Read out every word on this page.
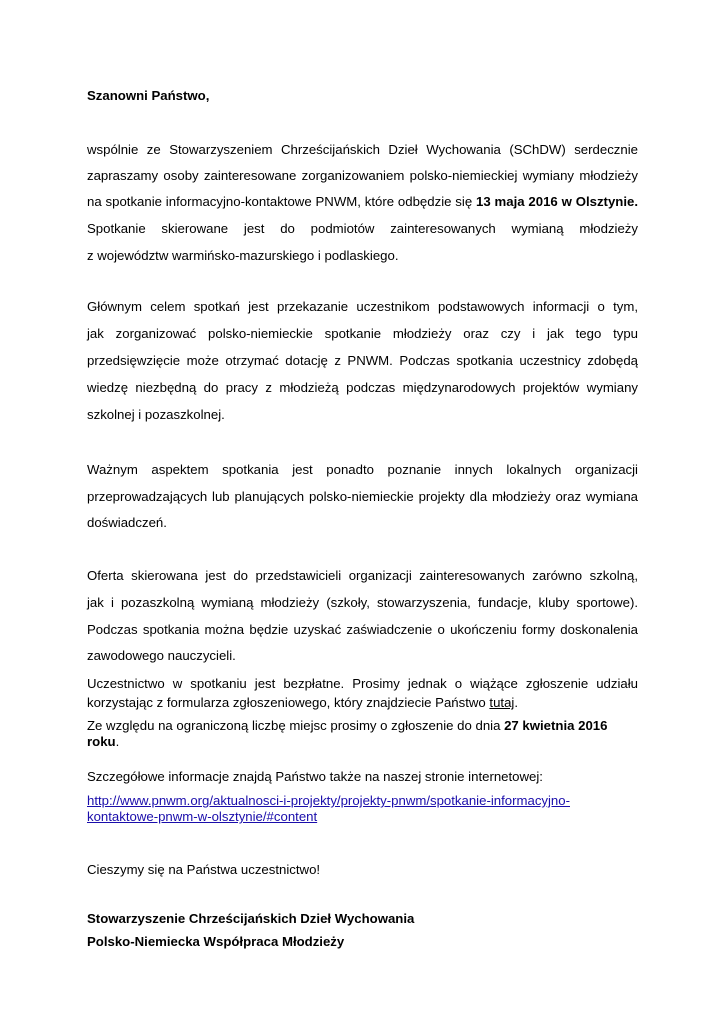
Szanowni Państwo,
wspólnie ze Stowarzyszeniem Chrześcijańskich Dzieł Wychowania (SChDW) serdecznie
zapraszamy osoby zainteresowane zorganizowaniem polsko-niemieckiej wymiany młodzieży
na spotkanie informacyjno-kontaktowe PNWM, które odbędzie się 13 maja 2016 w Olsztynie.
Spotkanie skierowane jest do podmiotów zainteresowanych wymianą młodzieży
z województw warmińsko-mazurskiego i podlaskiego.
Głównym celem spotkań jest przekazanie uczestnikom podstawowych informacji o tym,
jak zorganizować polsko-niemieckie spotkanie młodzieży oraz czy i jak tego typu
przedsięwzięcie może otrzymać dotację z PNWM. Podczas spotkania uczestnicy zdobędą
wiedzę niezbędną do pracy z młodzieżą podczas międzynarodowych projektów wymiany
szkolnej i pozaszkolnej.
Ważnym aspektem spotkania jest ponadto poznanie innych lokalnych organizacji
przeprowadzających lub planujących polsko-niemieckie projekty dla młodzieży oraz wymiana
doświadczeń.
Oferta skierowana jest do przedstawicieli organizacji zainteresowanych zarówno szkolną,
jak i pozaszkolną wymianą młodzieży (szkoły, stowarzyszenia, fundacje, kluby sportowe).
Podczas spotkania można będzie uzyskać zaświadczenie o ukończeniu formy doskonalenia
zawodowego nauczycieli.
Uczestnictwo w spotkaniu jest bezpłatne. Prosimy jednak o wiążące zgłoszenie udziału
korzystając z formularza zgłoszeniowego, który znajdziecie Państwo tutaj.
Ze względu na ograniczoną liczbę miejsc prosimy o zgłoszenie do dnia 27 kwietnia 2016 roku.
Szczegółowe informacje znajdą Państwo także na naszej stronie internetowej:
http://www.pnwm.org/aktualnosci-i-projekty/projekty-pnwm/spotkanie-informacyjno-
kontaktowe-pnwm-w-olsztynie/#content
Cieszymy się na Państwa uczestnictwo!
Stowarzyszenie Chrześcijańskich Dzieł Wychowania
Polsko-Niemiecka Współpraca Młodzieży
